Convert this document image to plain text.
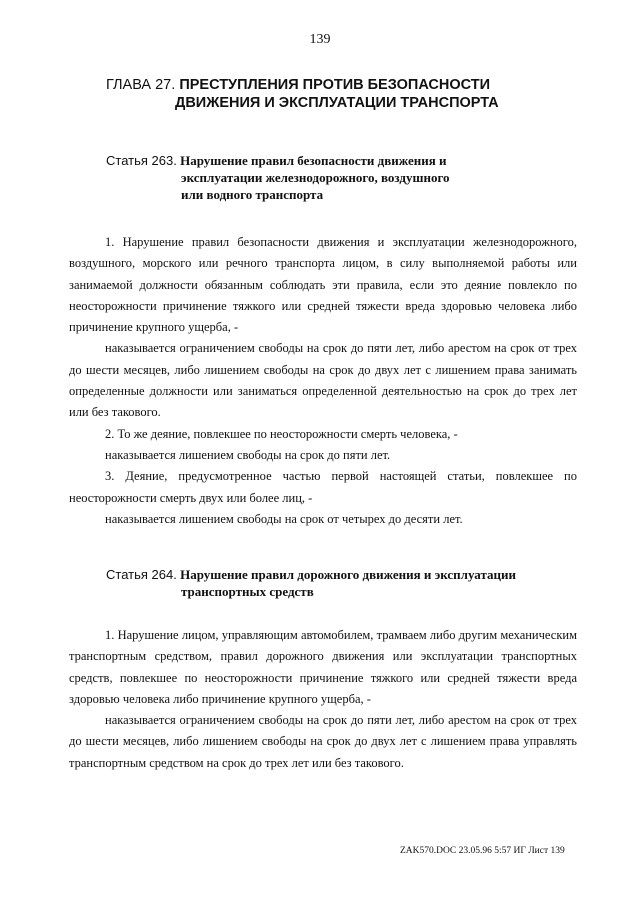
139
ГЛАВА 27. ПРЕСТУПЛЕНИЯ ПРОТИВ БЕЗОПАСНОСТИ
ДВИЖЕНИЯ И ЭКСПЛУАТАЦИИ ТРАНСПОРТА
Статья 263. Нарушение правил безопасности движения и
эксплуатации железнодорожного, воздушного
или водного транспорта

1. Нарушение правил безопасности движения и эксплуатации железнодорожного, воздушного, морского или речного транспорта лицом, в силу выполняемой работы или занимаемой должности обязанным соблюдать эти правила, если это деяние повлекло по неосторожности причинение тяжкого или средней тяжести вреда здоровью человека либо причинение крупного ущерба, -

наказывается ограничением свободы на срок до пяти лет, либо арестом на срок от трех до шести месяцев, либо лишением свободы на срок до двух лет с лишением права занимать определенные должности или заниматься определенной деятельностью на срок до трех лет или без такового.

2. То же деяние, повлекшее по неосторожности смерть человека, -

наказывается лишением свободы на срок до пяти лет.

3. Деяние, предусмотренное частью первой настоящей статьи, повлекшее по неосторожности смерть двух или более лиц, -

наказывается лишением свободы на срок от четырех до десяти лет.

Статья 264. Нарушение правил дорожного движения и эксплуатации
транспортных средств

1. Нарушение лицом, управляющим автомобилем, трамваем либо другим механическим транспортным средством, правил дорожного движения или эксплуатации транспортных средств, повлекшее по неосторожности причинение тяжкого или средней тяжести вреда здоровью человека либо причинение крупного ущерба, -

наказывается ограничением свободы на срок до пяти лет, либо арестом на срок от трех до шести месяцев, либо лишением свободы на срок до двух лет с лишением права управлять транспортным средством на срок до трех лет или без такового.

ZAK570.DOC 23.05.96 5:57 ИГ Лист 139
